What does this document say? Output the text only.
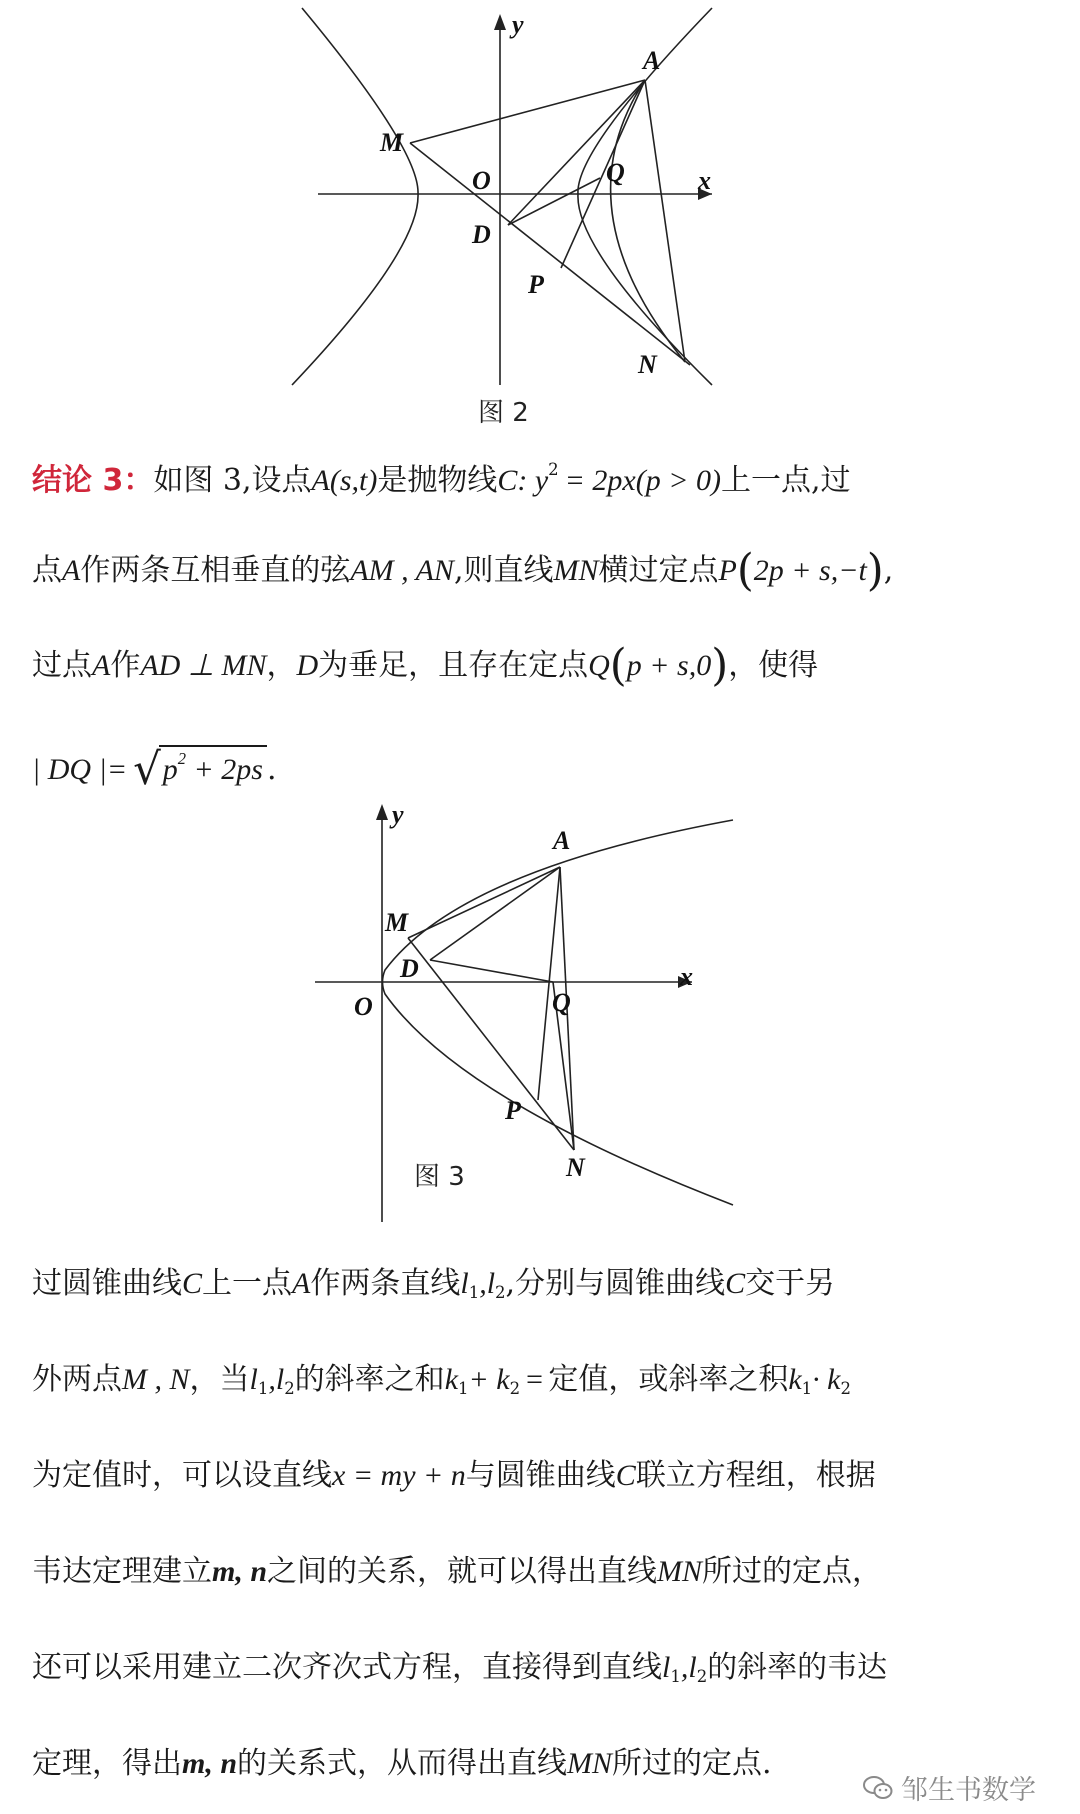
y
A
M
O	Q	x
D
P
N
图 2
结论 3：如图 3,设点A(s,t)是抛物线C: $y^2 = 2px(p > 0)$上一点,过
点A作两条互相垂直的弦AM , AN,则直线MN横过定点P(2p + s,−t),
过点A作AD ⊥ MN，D为垂足，且存在定点Q(p + s,0)，使得
| DQ |= $√p^2 + 2ps$ .
y
A
M
D	x
Q
O
P
N
图 3
过圆锥曲线C上一点A作两条直线$l_1,l_2$,分别与圆锥曲线C交于另
外两点M , N，当$l_1,l_2$的斜率之和$k_1+ k_2$ = 定值，或斜率之积$k_1\cdot k_2$
为定值时，可以设直线x = my + n与圆锥曲线C联立方程组，根据
韦达定理建立m, n之间的关系，就可以得出直线MN所过的定点，
还可以采用建立二次齐次式方程，直接得到直线$l_1,l_2$的斜率的韦达
定理，得出m, n的关系式，从而得出直线MN所过的定点.
邹生书数学
